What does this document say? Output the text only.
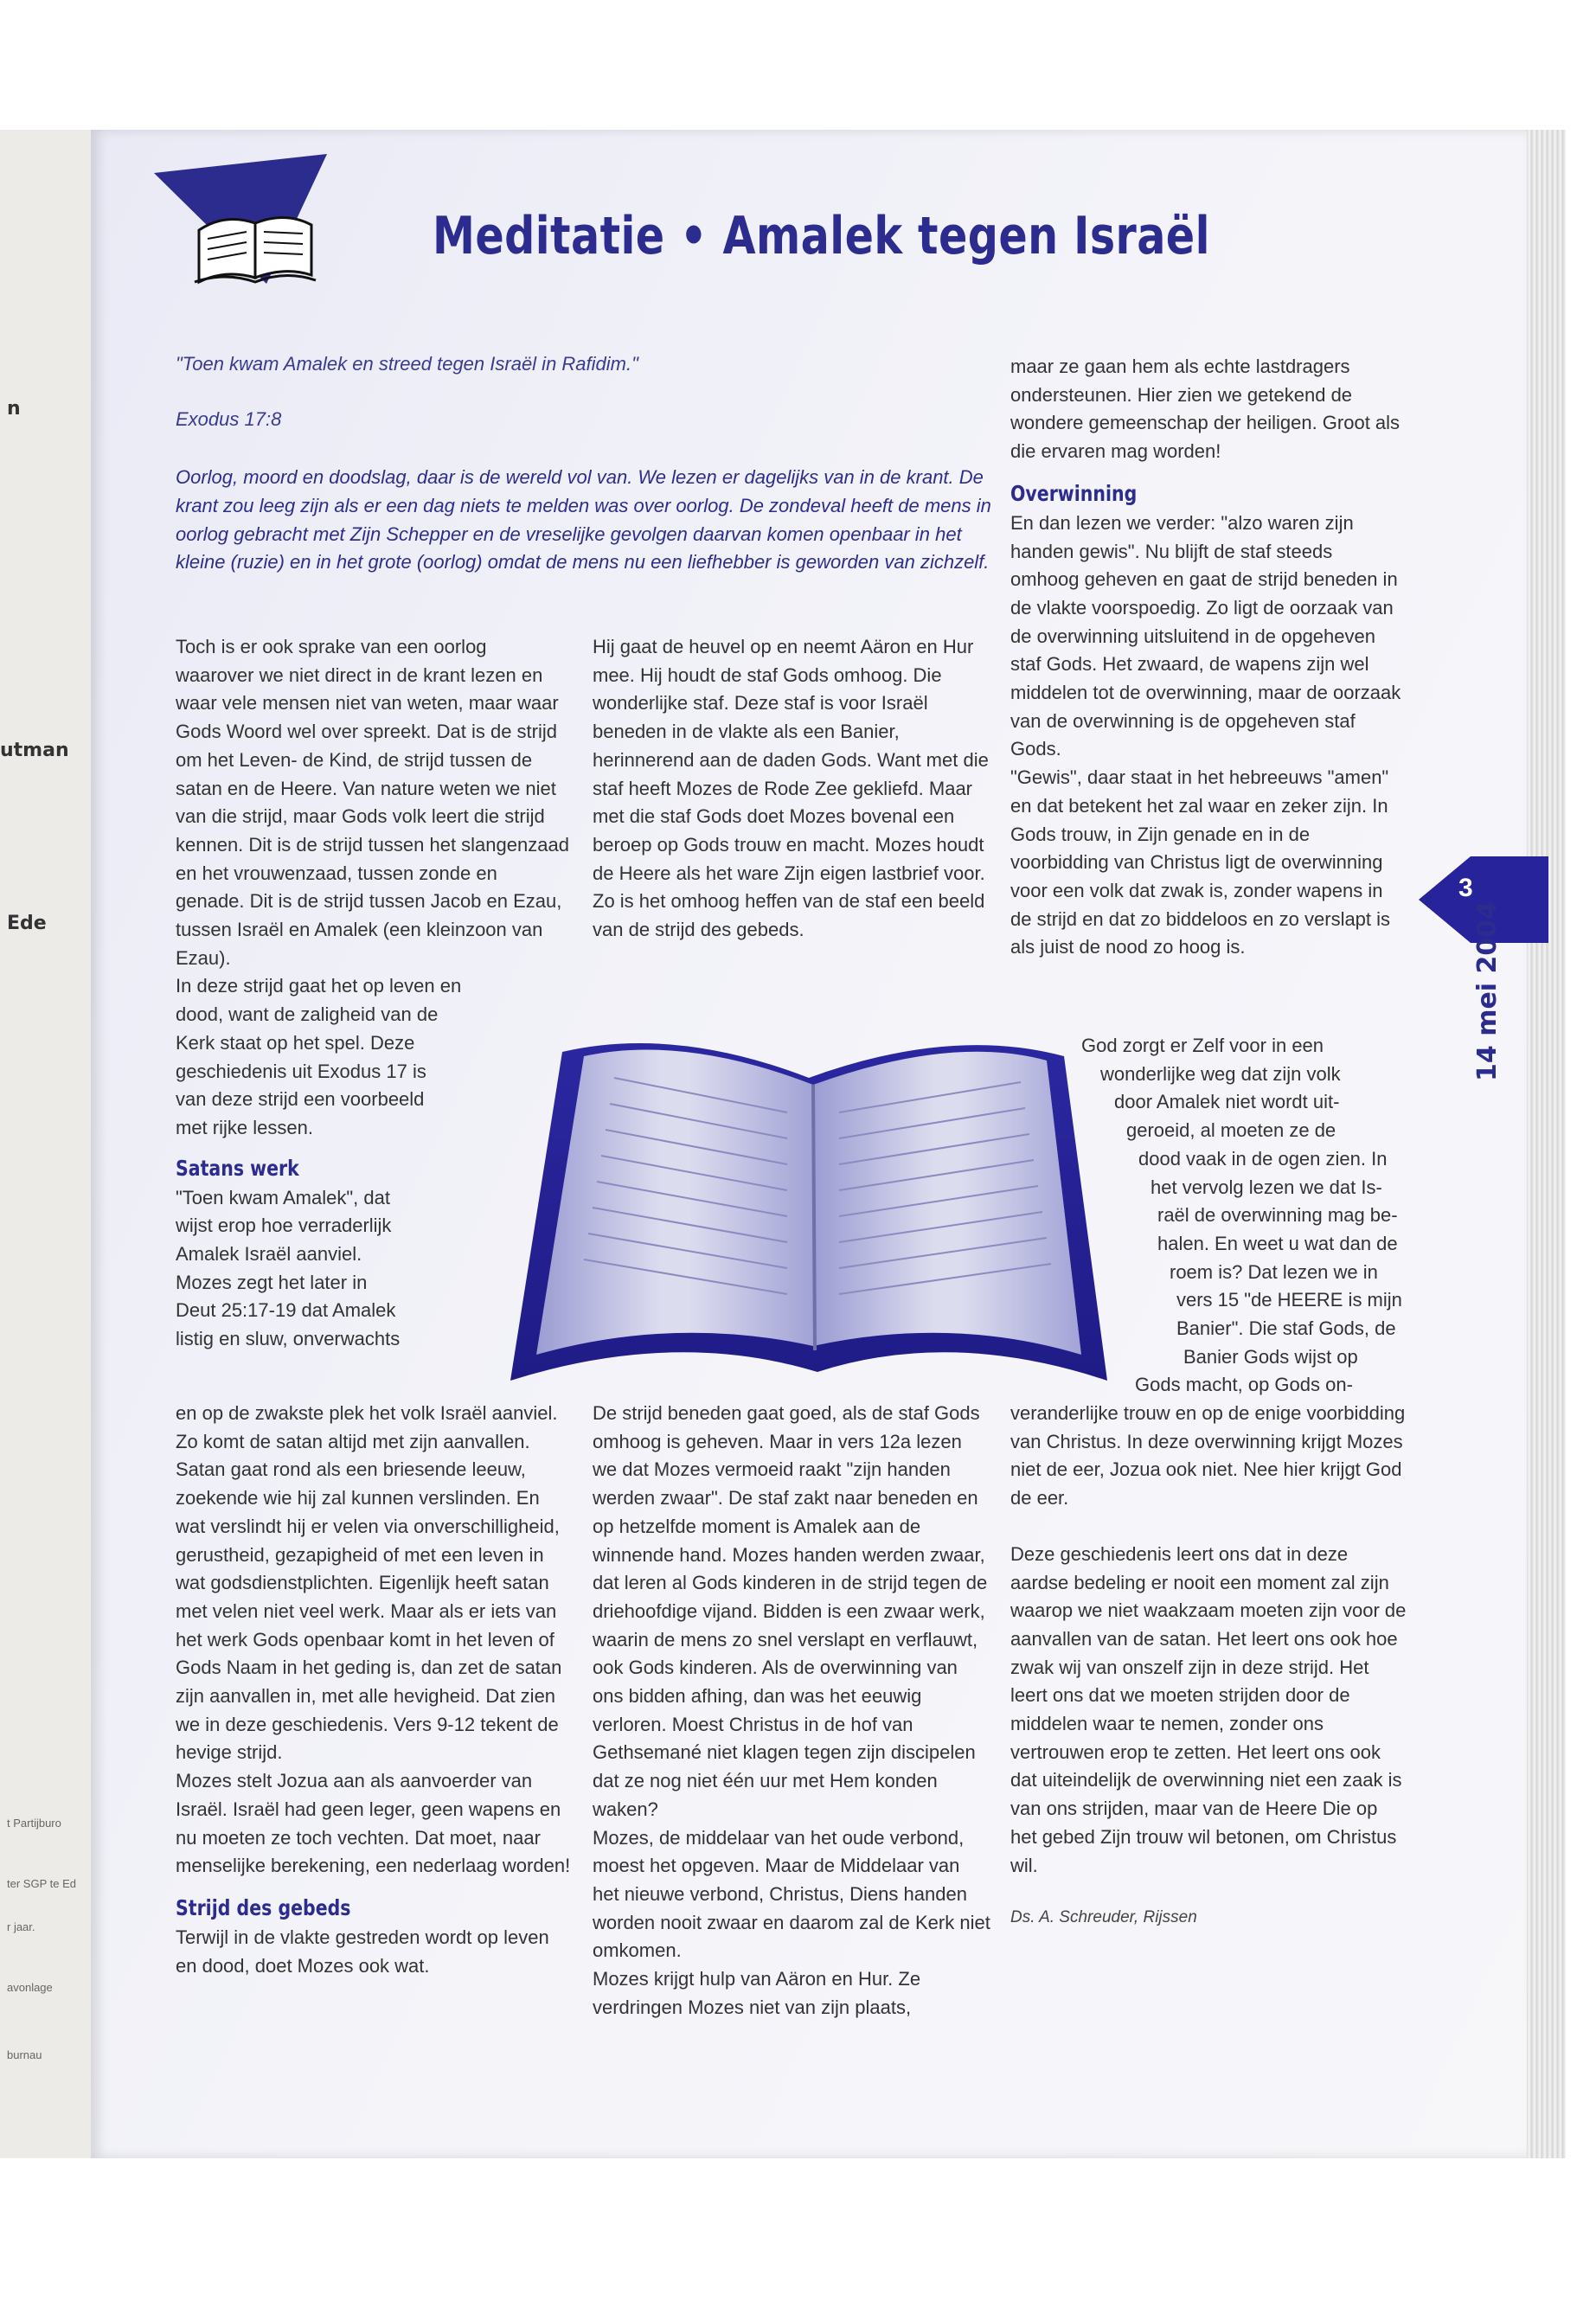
n
utman
Ede
t Partijburo
ter SGP te Ed
r jaar.
avonlage
burnau
Meditatie • Amalek tegen Israël
"Toen kwam Amalek en streed tegen Israël in Rafidim."
Exodus 17:8
Oorlog, moord en doodslag, daar is de wereld vol van. We lezen er dagelijks van in de krant. De krant zou leeg zijn als er een dag niets te melden was over oorlog. De zondeval heeft de mens in oorlog gebracht met Zijn Schepper en de vreselijke gevolgen daarvan komen openbaar in het kleine (ruzie) en in het grote (oorlog) omdat de mens nu een liefhebber is geworden van zichzelf.

Toch is er ook sprake van een oorlog waarover we niet direct in de krant lezen en waar vele mensen niet van weten, maar waar Gods Woord wel over spreekt. Dat is de strijd om het Leven- de Kind, de strijd tussen de satan en de Heere. Van nature weten we niet van die strijd, maar Gods volk leert die strijd kennen. Dit is de strijd tussen het slangenzaad en het vrouwenzaad, tussen zonde en genade. Dit is de strijd tussen Jacob en Ezau, tussen Israël en Amalek (een kleinzoon van Ezau).

In deze strijd gaat het op leven en
dood, want de zaligheid van de
Kerk staat op het spel. Deze
geschiedenis uit Exodus 17 is
van deze strijd een voorbeeld
met rijke lessen.
Satans werk
"Toen kwam Amalek", dat
wijst erop hoe verraderlijk
Amalek Israël aanviel.
Mozes zegt het later in
Deut 25:17-19 dat Amalek
listig en sluw, onverwachts

en op de zwakste plek het volk Israël aanviel. Zo komt de satan altijd met zijn aanvallen.

Satan gaat rond als een briesende leeuw, zoekende wie hij zal kunnen verslinden. En wat verslindt hij er velen via onverschilligheid, gerustheid, gezapigheid of met een leven in wat godsdienstplichten. Eigenlijk heeft satan met velen niet veel werk. Maar als er iets van het werk Gods openbaar komt in het leven of Gods Naam in het geding is, dan zet de satan zijn aanvallen in, met alle hevigheid. Dat zien we in deze geschiedenis. Vers 9-12 tekent de hevige strijd.

Mozes stelt Jozua aan als aanvoerder van Israël. Israël had geen leger, geen wapens en nu moeten ze toch vechten. Dat moet, naar menselijke berekening, een nederlaag worden!

Strijd des gebeds

Terwijl in de vlakte gestreden wordt op leven en dood, doet Mozes ook wat.

Hij gaat de heuvel op en neemt Aäron en Hur mee. Hij houdt de staf Gods omhoog. Die wonderlijke staf. Deze staf is voor Israël beneden in de vlakte als een Banier, herinnerend aan de daden Gods. Want met die staf heeft Mozes de Rode Zee gekliefd. Maar met die staf Gods doet Mozes bovenal een beroep op Gods trouw en macht. Mozes houdt de Heere als het ware Zijn eigen lastbrief voor. Zo is het omhoog heffen van de staf een beeld van de strijd des gebeds.

De strijd beneden gaat goed, als de staf Gods omhoog is geheven. Maar in vers 12a lezen we dat Mozes vermoeid raakt "zijn handen werden zwaar". De staf zakt naar beneden en op hetzelfde moment is Amalek aan de winnende hand. Mozes handen werden zwaar, dat leren al Gods kinderen in de strijd tegen de driehoofdige vijand. Bidden is een zwaar werk, waarin de mens zo snel verslapt en verflauwt, ook Gods kinderen. Als de overwinning van ons bidden afhing, dan was het eeuwig verloren. Moest Christus in de hof van Gethsemané niet klagen tegen zijn discipelen dat ze nog niet één uur met Hem konden waken?

Mozes, de middelaar van het oude verbond, moest het opgeven. Maar de Middelaar van het nieuwe verbond, Christus, Diens handen worden nooit zwaar en daarom zal de Kerk niet omkomen.

Mozes krijgt hulp van Aäron en Hur. Ze verdringen Mozes niet van zijn plaats,

maar ze gaan hem als echte lastdragers ondersteunen. Hier zien we getekend de wondere gemeenschap der heiligen. Groot als die ervaren mag worden!

Overwinning

En dan lezen we verder: "alzo waren zijn handen gewis". Nu blijft de staf steeds omhoog geheven en gaat de strijd beneden in de vlakte voorspoedig. Zo ligt de oorzaak van de overwinning uitsluitend in de opgeheven staf Gods. Het zwaard, de wapens zijn wel middelen tot de overwinning, maar de oorzaak van de overwinning is de opgeheven staf Gods.

"Gewis", daar staat in het hebreeuws "amen" en dat betekent het zal waar en zeker zijn. In Gods trouw, in Zijn genade en in de voorbidding van Christus ligt de overwinning voor een volk dat zwak is, zonder wapens in de strijd en dat zo biddeloos en zo verslapt is als juist de nood zo hoog is.

God zorgt er Zelf voor in een
wonderlijke weg dat zijn volk
door Amalek niet wordt uit-
geroeid, al moeten ze de
dood vaak in de ogen zien. In
het vervolg lezen we dat Is-
raël de overwinning mag be-
halen. En weet u wat dan de
roem is? Dat lezen we in
vers 15 "de HEERE is mijn
Banier". Die staf Gods, de
Banier Gods wijst op
Gods macht, op Gods on-

veranderlijke trouw en op de enige voorbidding van Christus. In deze overwinning krijgt Mozes niet de eer, Jozua ook niet. Nee hier krijgt God de eer.

Deze geschiedenis leert ons dat in deze aardse bedeling er nooit een moment zal zijn waarop we niet waakzaam moeten zijn voor de aanvallen van de satan. Het leert ons ook hoe zwak wij van onszelf zijn in deze strijd. Het leert ons dat we moeten strijden door de middelen waar te nemen, zonder ons vertrouwen erop te zetten. Het leert ons ook dat uiteindelijk de overwinning niet een zaak is van ons strijden, maar van de Heere Die op het gebed Zijn trouw wil betonen, om Christus wil.

Ds. A. Schreuder, Rijssen

3
14 mei 2004
